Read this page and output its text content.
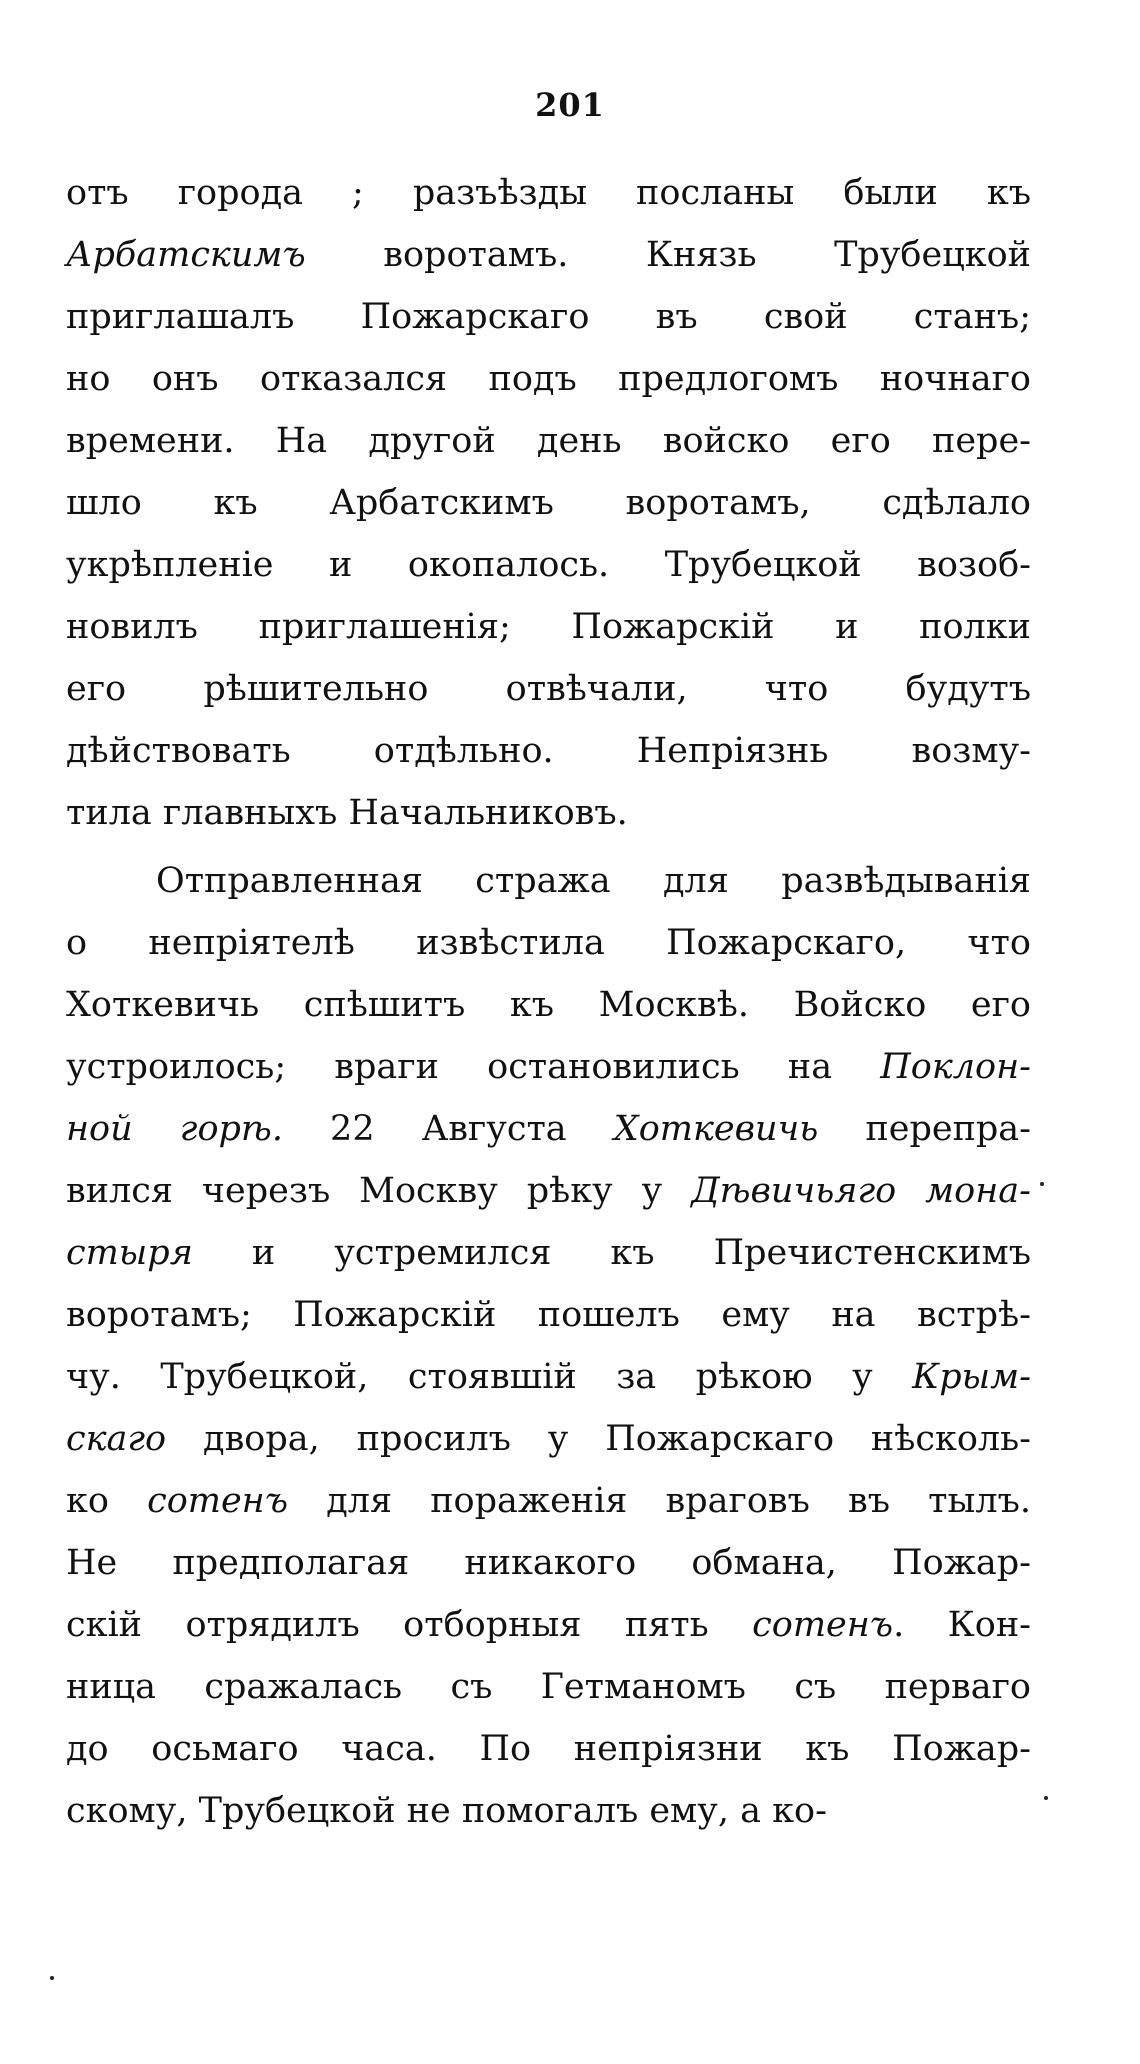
201
отъ города ; разъѣзды посланы были къ
Арбатскимъ воротамъ. Князь Трубецкой
приглашалъ Пожарскаго въ свой станъ;
но онъ отказался подъ предлогомъ ночнаго
времени. На другой день войско его пере-
шло къ Арбатскимъ воротамъ, сдѣлало
укрѣпленіе и окопалось. Трубецкой возоб-
новилъ приглашенія; Пожарскій и полки
его рѣшительно отвѣчали, что будутъ
дѣйствовать отдѣльно. Непріязнь возму-
тила главныхъ Начальниковъ.
Отправленная стража для развѣдыванія
о непріятелѣ извѣстила Пожарскаго, что
Хоткевичь спѣшитъ къ Москвѣ. Войско его
устроилось; враги остановились на Поклон-
ной горѣ. 22 Августа Хоткевичь перепра-
вился черезъ Москву рѣку у Дѣвичьяго мона-
стыря и устремился къ Пречистенскимъ
воротамъ; Пожарскій пошелъ ему на встрѣ-
чу. Трубецкой, стоявшій за рѣкою у Крым-
скаго двора, просилъ у Пожарскаго нѣсколь-
ко сотенъ для пораженія враговъ въ тылъ.
Не предполагая никакого обмана, Пожар-
скій отрядилъ отборныя пять сотенъ. Кон-
ница сражалась съ Гетманомъ съ перваго
до осьмаго часа. По непріязни къ Пожар-
скому, Трубецкой не помогалъ ему, а ко-
